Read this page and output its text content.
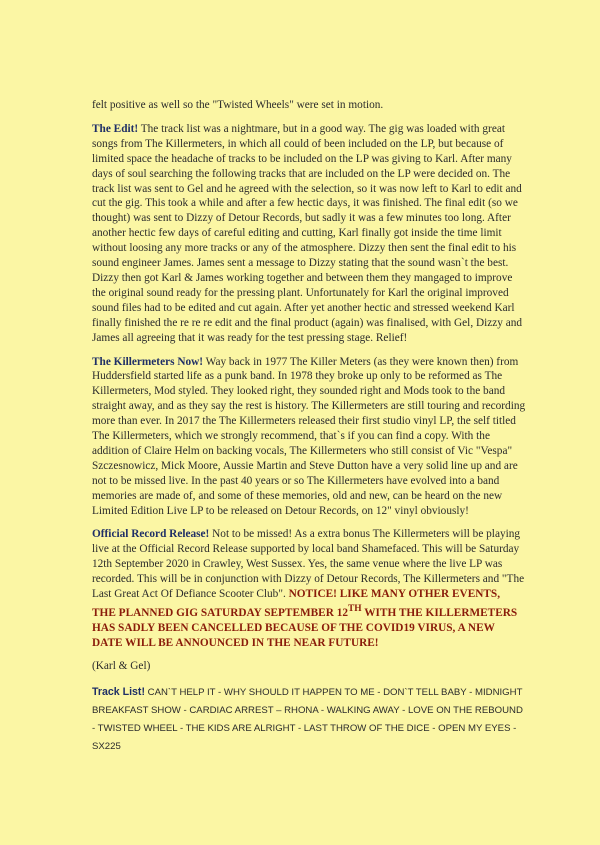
felt positive as well so the "Twisted Wheels" were set in motion.

The Edit! The track list was a nightmare, but in a good way. The gig was loaded with great songs from The Killermeters, in which all could of been included on the LP, but because of limited space the headache of tracks to be included on the LP was giving to Karl. After many days of soul searching the following tracks that are included on the LP were decided on. The track list was sent to Gel and he agreed with the selection, so it was now left to Karl to edit and cut the gig. This took a while and after a few hectic days, it was finished. The final edit (so we thought) was sent to Dizzy of Detour Records, but sadly it was a few minutes too long. After another hectic few days of careful editing and cutting, Karl finally got inside the time limit without loosing any more tracks or any of the atmosphere. Dizzy then sent the final edit to his sound engineer James. James sent a message to Dizzy stating that the sound wasn`t the best. Dizzy then got Karl & James working together and between them they mangaged to improve the original sound ready for the pressing plant. Unfortunately for Karl the original improved sound files had to be edited and cut again. After yet another hectic and stressed weekend Karl finally finished the re re re edit and the final product (again) was finalised, with Gel, Dizzy and James all agreeing that it was ready for the test pressing stage. Relief!

The Killermeters Now! Way back in 1977 The Killer Meters (as they were known then) from Huddersfield started life as a punk band. In 1978 they broke up only to be reformed as The Killermeters, Mod styled. They looked right, they sounded right and Mods took to the band straight away, and as they say the rest is history. The Killermeters are still touring and recording more than ever. In 2017 the The Killermeters released their first studio vinyl LP, the self titled The Killermeters, which we strongly recommend, that`s if you can find a copy. With the addition of Claire Helm on backing vocals, The Killermeters who still consist of Vic "Vespa" Szczesnowicz, Mick Moore, Aussie Martin and Steve Dutton have a very solid line up and are not to be missed live. In the past 40 years or so The Killermeters have evolved into a band memories are made of, and some of these memories, old and new, can be heard on the new Limited Edition Live LP to be released on Detour Records, on 12" vinyl obviously!

Official Record Release! Not to be missed! As a extra bonus The Killermeters will be playing live at the Official Record Release supported by local band Shamefaced. This will be Saturday 12th September 2020 in Crawley, West Sussex. Yes, the same venue where the live LP was recorded. This will be in conjunction with Dizzy of Detour Records, The Killermeters and "The Last Great Act Of Defiance Scooter Club". NOTICE! LIKE MANY OTHER EVENTS, THE PLANNED GIG SATURDAY SEPTEMBER 12TH WITH THE KILLERMETERS HAS SADLY BEEN CANCELLED BECAUSE OF THE COVID19 VIRUS, A NEW DATE WILL BE ANNOUNCED IN THE NEAR FUTURE!

(Karl & Gel)

Track List! CAN`T HELP IT - WHY SHOULD IT HAPPEN TO ME - DON`T TELL BABY - MIDNIGHT BREAKFAST SHOW - CARDIAC ARREST – RHONA - WALKING AWAY - LOVE ON THE REBOUND - TWISTED WHEEL - THE KIDS ARE ALRIGHT - LAST THROW OF THE DICE - OPEN MY EYES - SX225
